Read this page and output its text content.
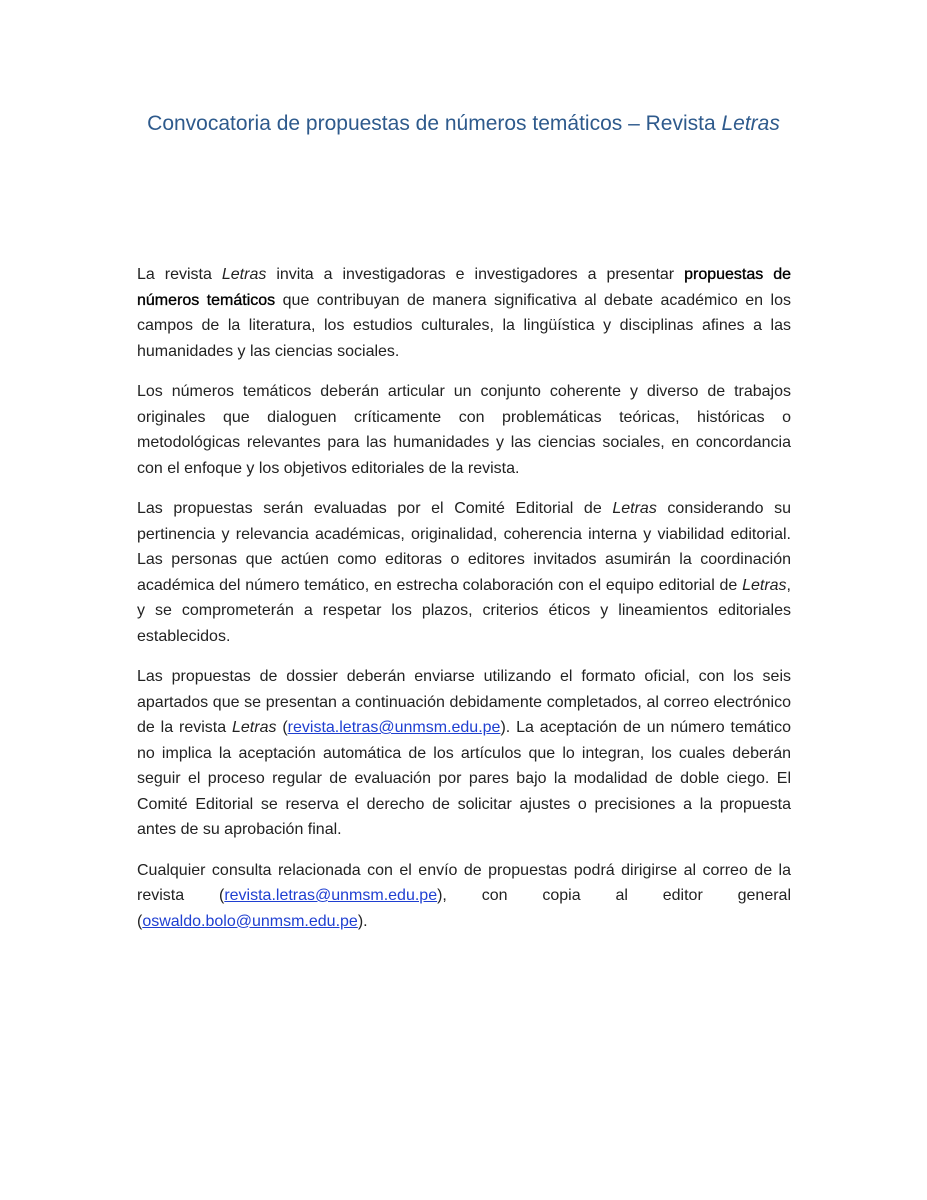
Convocatoria de propuestas de números temáticos – Revista Letras

La revista Letras invita a investigadoras e investigadores a presentar propuestas de números temáticos que contribuyan de manera significativa al debate académico en los campos de la literatura, los estudios culturales, la lingüística y disciplinas afines a las humanidades y las ciencias sociales.

Los números temáticos deberán articular un conjunto coherente y diverso de trabajos originales que dialoguen críticamente con problemáticas teóricas, históricas o metodológicas relevantes para las humanidades y las ciencias sociales, en concordancia con el enfoque y los objetivos editoriales de la revista.

Las propuestas serán evaluadas por el Comité Editorial de Letras considerando su pertinencia y relevancia académicas, originalidad, coherencia interna y viabilidad editorial. Las personas que actúen como editoras o editores invitados asumirán la coordinación académica del número temático, en estrecha colaboración con el equipo editorial de Letras, y se comprometerán a respetar los plazos, criterios éticos y lineamientos editoriales establecidos.

Las propuestas de dossier deberán enviarse utilizando el formato oficial, con los seis apartados que se presentan a continuación debidamente completados, al correo electrónico de la revista Letras (revista.letras@unmsm.edu.pe). La aceptación de un número temático no implica la aceptación automática de los artículos que lo integran, los cuales deberán seguir el proceso regular de evaluación por pares bajo la modalidad de doble ciego. El Comité Editorial se reserva el derecho de solicitar ajustes o precisiones a la propuesta antes de su aprobación final.

Cualquier consulta relacionada con el envío de propuestas podrá dirigirse al correo de la revista (revista.letras@unmsm.edu.pe), con copia al editor general (oswaldo.bolo@unmsm.edu.pe).
